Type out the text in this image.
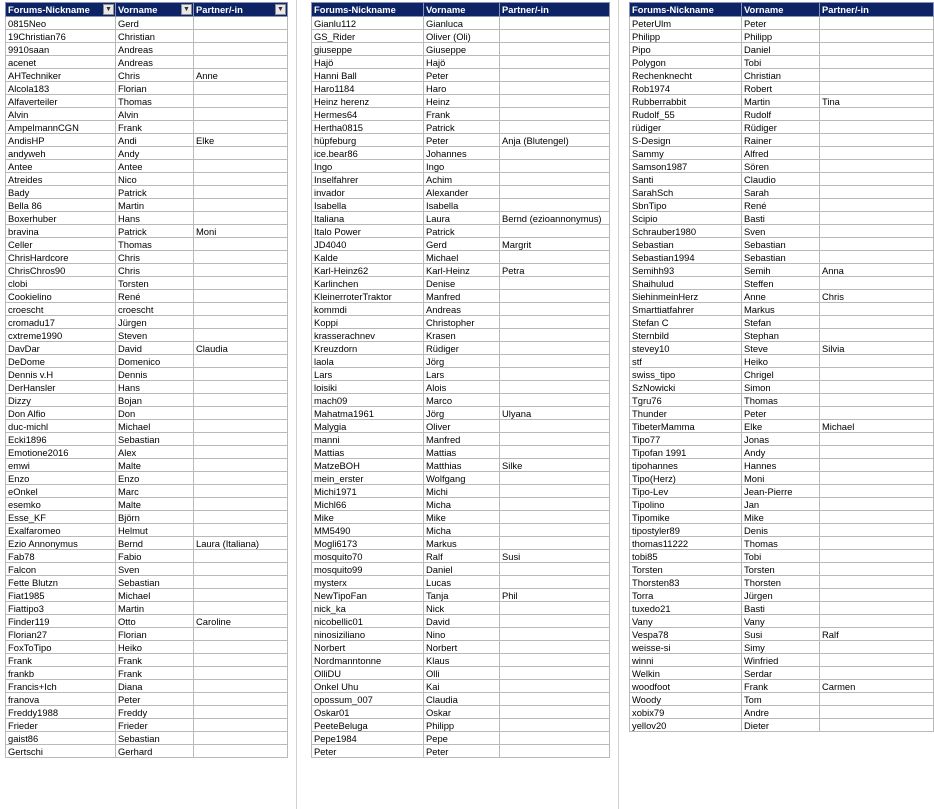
Forums-Nickname ▼	Vorname ▼	Partner/-in ▼

0815Neo	Gerd	
19Christian76	Christian	
9910saan	Andreas	
acenet	Andreas	
AHTechniker	Chris	Anne
Alcola183	Florian	
Alfaverteiler	Thomas	
Alvin	Alvin	
AmpelmannCGN	Frank	
AndisHP	Andi	Elke
andyweh	Andy	
Antee	Antee	
Atreides	Nico	
Bady	Patrick	
Bella 86	Martin	
Boxerhuber	Hans	
bravina	Patrick	Moni
Celler	Thomas	
ChrisHardcore	Chris	
ChrisChros90	Chris	
clobi	Torsten	
Cookielino	René	
croescht	croescht	
cromadu17	Jürgen	
cxtreme1990	Steven	
DavDar	David	Claudia
DeDome	Domenico	
Dennis v.H	Dennis	
DerHansler	Hans	
Dizzy	Bojan	
Don Alfio	Don	
duc-michl	Michael	
Ecki1896	Sebastian	
Emotione2016	Alex	
emwi	Malte	
Enzo	Enzo	
eOnkel	Marc	
esemko	Malte	
Esse_KF	Björn	
Exalfaromeo	Helmut	
Ezio Annonymus	Bernd	Laura (Italiana)
Fab78	Fabio	
Falcon	Sven	
Fette Blutzn	Sebastian	
Fiat1985	Michael	
Fiattipo3	Martin	
Finder119	Otto	Caroline
Florian27	Florian	
FoxToTipo	Heiko	
Frank	Frank	
frankb	Frank	
Francis+Ich	Diana	
franova	Peter	
Freddy1988	Freddy	
Frieder	Frieder	
gaist86	Sebastian	
Gertschi	Gerhard	
Forums-Nickname	Vorname	Partner/-in
Gianlu112	Gianluca	
GS_Rider	Oliver (Oli)	
giuseppe	Giuseppe	
Hajö	Hajö	
Hanni Ball	Peter	
Haro1184	Haro	
Heinz herenz	Heinz	
Hermes64	Frank	
Hertha0815	Patrick	
hüpfeburg	Peter	Anja (Blutengel)
ice.bear86	Johannes	
Ingo	Ingo	
Inselfahrer	Achim	
invador	Alexander	
Isabella	Isabella	
Italiana	Laura	Bernd (ezioannonymus)
Italo Power	Patrick	
JD4040	Gerd	Margrit
Kalde	Michael	
Karl-Heinz62	Karl-Heinz	Petra
Karlinchen	Denise	
KleinerroterTraktor	Manfred	
kommdi	Andreas	
Koppi	Christopher	
krasserachnev	Krasen	
Kreuzdorn	Rüdiger	
laola	Jörg	
Lars	Lars	
loisiki	Alois	
mach09	Marco	
Mahatma1961	Jörg	Ulyana
Malygia	Oliver	
manni	Manfred	
Mattias	Mattias	
MatzeBOH	Matthias	Silke
mein_erster	Wolfgang	
Michi1971	Michi	
Michl66	Micha	
Mike	Mike	
MM5490	Micha	
Mogli6173	Markus	
mosquito70	Ralf	Susi
mosquito99	Daniel	
mysterx	Lucas	
NewTipoFan	Tanja	Phil
nick_ka	Nick	
nicobellic01	David	
ninosiziliano	Nino	
Norbert	Norbert	
Nordmanntonne	Klaus	
OlliDU	Olli	
Onkel Uhu	Kai	
opossum_007	Claudia	
Oskar01	Oskar	
PeeteBeluga	Philipp	
Pepe1984	Pepe	
Peter	Peter	
Forums-Nickname	Vorname	Partner/-in
PeterUlm	Peter	
Philipp	Philipp	
Pipo	Daniel	
Polygon	Tobi	
Rechenknecht	Christian	
Rob1974	Robert	
Rubberrabbit	Martin	Tina
Rudolf_55	Rudolf	
rüdiger	Rüdiger	
S-Design	Rainer	
Sammy	Alfred	
Samson1987	Sören	
Santi	Claudio	
SarahSch	Sarah	
SbnTipo	René	
Scipio	Basti	
Schrauber1980	Sven	
Sebastian	Sebastian	
Sebastian1994	Sebastian	
Semihh93	Semih	Anna
Shaihulud	Steffen	
SiehinmeinHerz	Anne	Chris
Smarttiatfahrer	Markus	
Stefan C	Stefan	
Sternbild	Stephan	
stevey10	Steve	Silvia
stf	Heiko	
swiss_tipo	Chrigel	
SzNowicki	Simon	
Tgru76	Thomas	
Thunder	Peter	
TibeterMamma	Elke	Michael
Tipo77	Jonas	
Tipofan 1991	Andy	
tipohannes	Hannes	
Tipo(Herz)	Moni	
Tipo-Lev	Jean-Pierre	
Tipolino	Jan	
Tipomike	Mike	
tipostyler89	Denis	
thomas11222	Thomas	
tobi85	Tobi	
Torsten	Torsten	
Thorsten83	Thorsten	
Torra	Jürgen	
tuxedo21	Basti	
Vany	Vany	
Vespa78	Susi	Ralf
weisse-si	Simy	
winni	Winfried	
Welkin	Serdar	
woodfoot	Frank	Carmen
Woody	Tom	
xobix79	Andre	
yellov20	Dieter	
